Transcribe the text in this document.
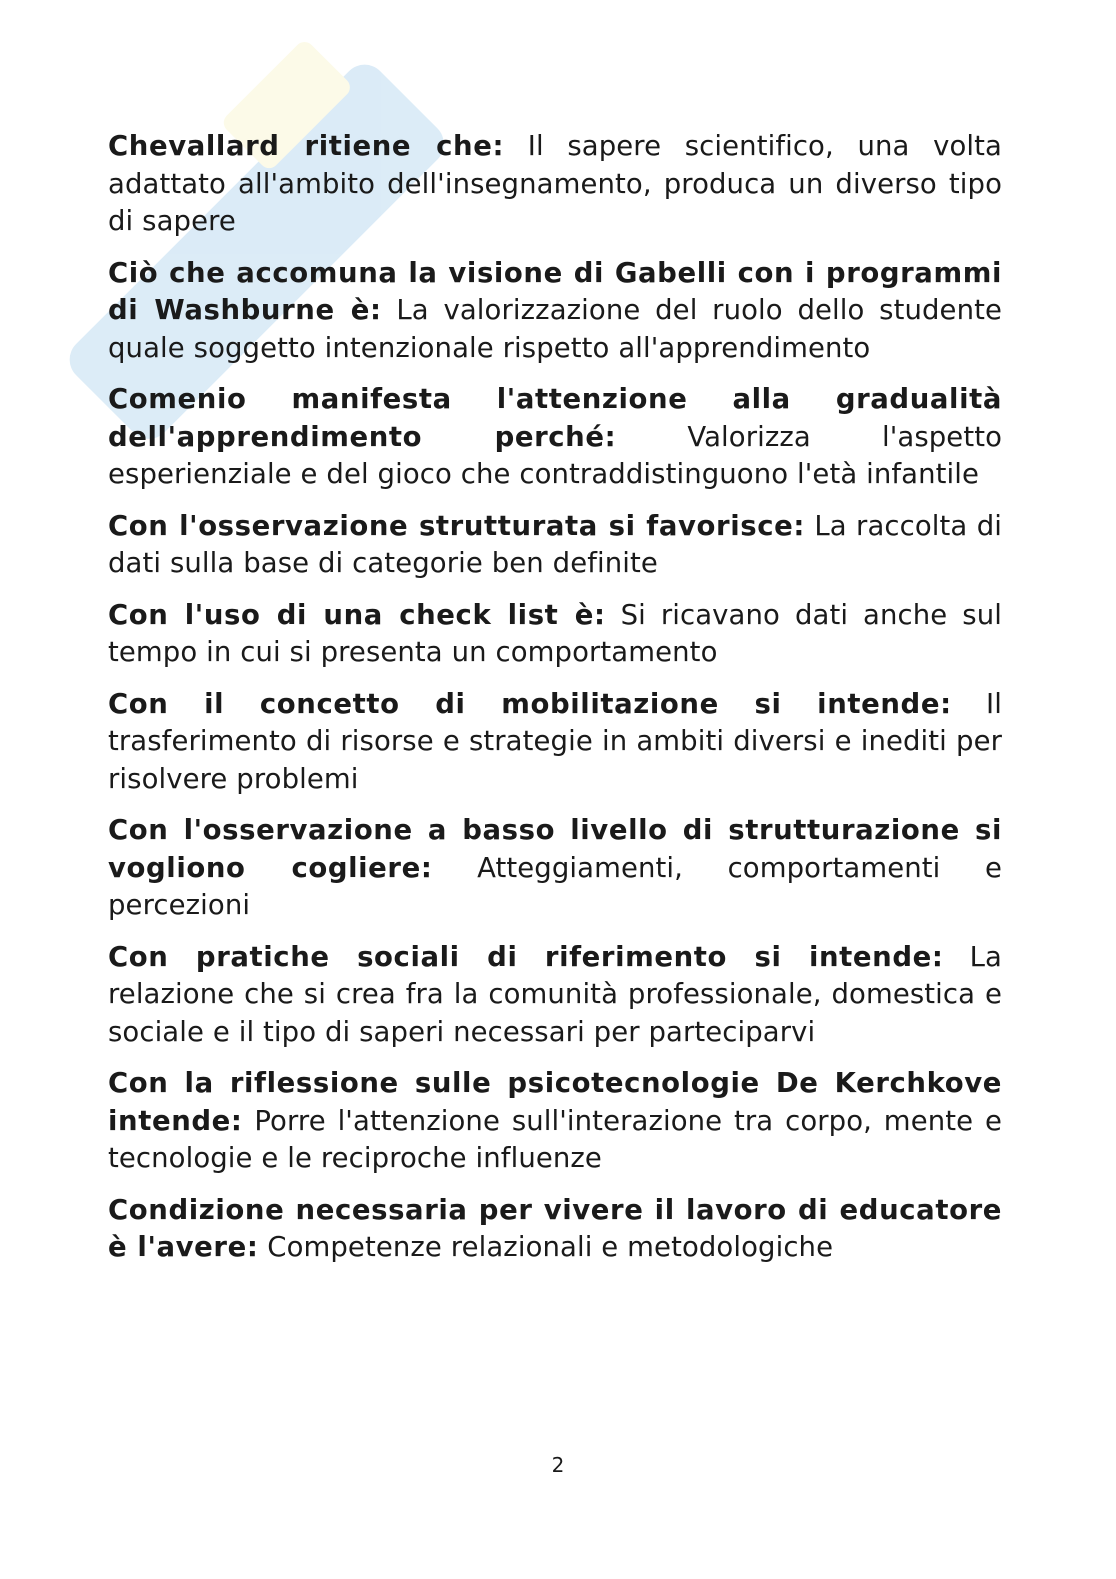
Chevallard ritiene che: Il sapere scientifico, una volta adattato all'ambito dell'insegnamento, produca un diverso tipo di sapere

Ciò che accomuna la visione di Gabelli con i programmi di Washburne è: La valorizzazione del ruolo dello studente quale soggetto intenzionale rispetto all'apprendimento

Comenio manifesta l'attenzione alla gradualità dell'apprendimento perché:	Valorizza l'aspetto esperienziale e del gioco che contraddistinguono l'età infantile

Con l'osservazione strutturata si favorisce: La raccolta di dati sulla base di categorie ben definite

Con l'uso di una check list è: Si ricavano dati anche sul tempo in cui si presenta un comportamento

Con il concetto di mobilitazione si intende: Il trasferimento di risorse e strategie in ambiti diversi e inediti per risolvere problemi

Con l'osservazione a basso livello di strutturazione si vogliono cogliere: Atteggiamenti, comportamenti e percezioni

Con pratiche sociali di riferimento si intende: La relazione che si crea fra la comunità professionale, domestica e sociale e il tipo di saperi necessari per parteciparvi

Con la riflessione sulle psicotecnologie De Kerchkove intende: Porre l'attenzione sull'interazione tra corpo, mente e tecnologie e le reciproche influenze

Condizione necessaria per vivere il lavoro di educatore è l'avere: Competenze relazionali e metodologiche

2
